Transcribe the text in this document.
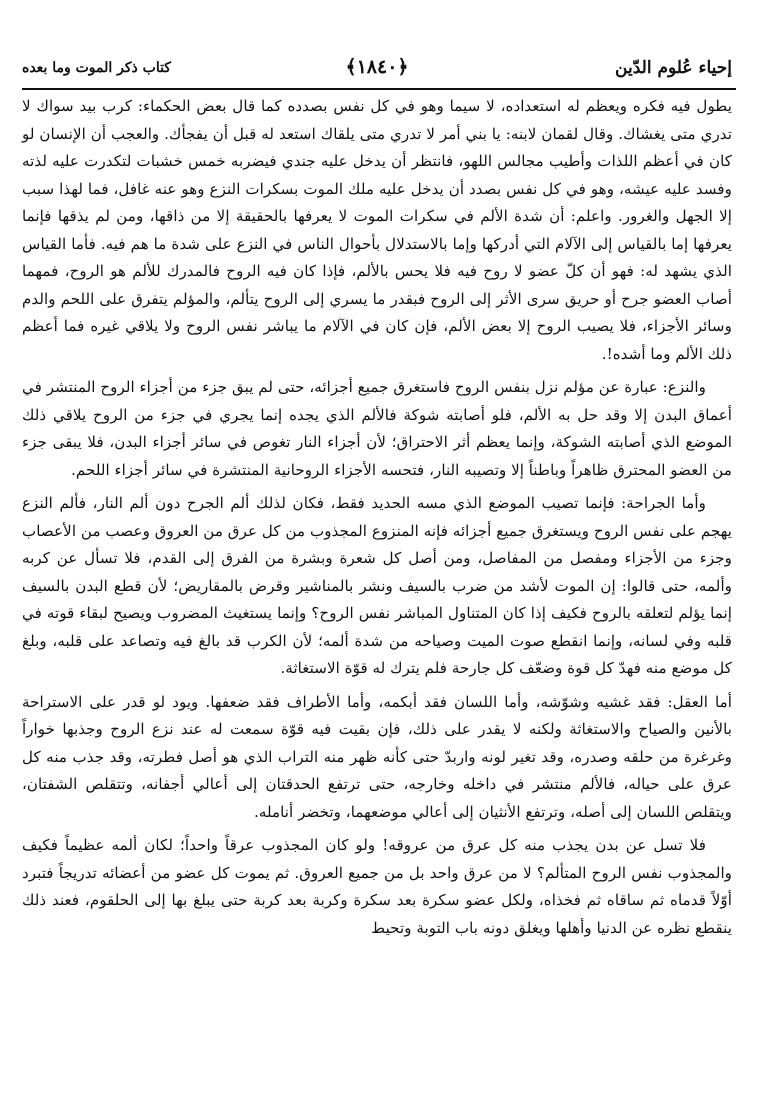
إحياء عُلوم الدّين
﴿١٨٤٠﴾
كتاب ذكر الموت وما بعده

يطول فيه فكره ويعظم له استعداده، لا سيما وهو في كل نفس بصدده كما قال بعض الحكماء: كرب بيد سواك لا تدري متى يغشاك. وقال لقمان لابنه: يا بني أمر لا تدري متى يلقاك استعد له قبل أن يفجأك. والعجب أن الإنسان لو كان في أعظم اللذات وأطيب مجالس اللهو، فانتظر أن يدخل عليه جندي فيضربه خمس خشبات لتكدرت عليه لذته وفسد عليه عيشه، وهو في كل نفس بصدد أن يدخل عليه ملك الموت بسكرات النزع وهو عنه غافل، فما لهذا سبب إلا الجهل والغرور. واعلم: أن شدة الألم في سكرات الموت لا يعرفها بالحقيقة إلا من ذاقها، ومن لم يذقها فإنما يعرفها إما بالقياس إلى الآلام التي أدركها وإما بالاستدلال بأحوال الناس في النزع على شدة ما هم فيه. فأما القياس الذي يشهد له: فهو أن كلّ عضو لا روح فيه فلا يحس بالألم، فإذا كان فيه الروح فالمدرك للألم هو الروح، فمهما أصاب العضو جرح أو حريق سرى الأثر إلى الروح فبقدر ما يسري إلى الروح يتألم، والمؤلم يتفرق على اللحم والدم وسائر الأجزاء، فلا يصيب الروح إلا بعض الألم، فإن كان في الآلام ما يباشر نفس الروح ولا يلاقي غيره فما أعظم ذلك الألم وما أشده!.

والنزع: عبارة عن مؤلم نزل بنفس الروح فاستغرق جميع أجزائه، حتى لم يبق جزء من أجزاء الروح المنتشر في أعماق البدن إلا وقد حل به الألم، فلو أصابته شوكة فالألم الذي يجده إنما يجري في جزء من الروح يلاقي ذلك الموضع الذي أصابته الشوكة، وإنما يعظم أثر الاحتراق؛ لأن أجزاء النار تغوص في سائر أجزاء البدن، فلا يبقى جزء من العضو المحترق ظاهراً وباطناً إلا وتصيبه النار، فتحسه الأجزاء الروحانية المنتشرة في سائر أجزاء اللحم.

وأما الجراحة: فإنما تصيب الموضع الذي مسه الحديد فقط، فكان لذلك ألم الجرح دون ألم النار، فألم النزع يهجم على نفس الروح ويستغرق جميع أجزائه فإنه المنزوع المجذوب من كل عرق من العروق وعصب من الأعصاب وجزء من الأجزاء ومفصل من المفاصل، ومن أصل كل شعرة وبشرة من الفرق إلى القدم، فلا تسأل عن كربه وألمه، حتى قالوا: إن الموت لأشد من ضرب بالسيف ونشر بالمناشير وقرض بالمقاريض؛ لأن قطع البدن بالسيف إنما يؤلم لتعلقه بالروح فكيف إذا كان المتناول المباشر نفس الروح؟ وإنما يستغيث المضروب ويصيح لبقاء قوته في قلبه وفي لسانه، وإنما انقطع صوت الميت وصياحه من شدة ألمه؛ لأن الكرب قد بالغ فيه وتصاعد على قلبه، وبلغ كل موضع منه فهدّ كل قوة وضعّف كل جارحة فلم يترك له قوّة الاستغاثة.

أما العقل: فقد غشيه وشوّشه، وأما اللسان فقد أبكمه، وأما الأطراف فقد ضعفها. ويود لو قدر على الاستراحة بالأنين والصياح والاستغاثة ولكنه لا يقدر على ذلك، فإن بقيت فيه قوّة سمعت له عند نزع الروح وجذبها خواراً وغرغرة من حلقه وصدره، وقد تغير لونه واربدّ حتى كأنه ظهر منه التراب الذي هو أصل فطرته، وقد جذب منه كل عرق على حياله، فالألم منتشر في داخله وخارجه، حتى ترتفع الحدقتان إلى أعالي أجفانه، وتتقلص الشفتان، ويتقلص اللسان إلى أصله، وترتفع الأنثيان إلى أعالي موضعهما، وتخضر أنامله.

فلا تسل عن بدن يجذب منه كل عرق من عروقه! ولو كان المجذوب عرقاً واحداً؛ لكان ألمه عظيماً فكيف والمجذوب نفس الروح المتألم؟ لا من عرق واحد بل من جميع العروق. ثم يموت كل عضو من أعضائه تدريجاً فتبرد أوّلاً قدماه ثم ساقاه ثم فخذاه، ولكل عضو سكرة بعد سكرة وكربة بعد كربة حتى يبلغ بها إلى الحلقوم، فعند ذلك ينقطع نظره عن الدنيا وأهلها ويغلق دونه باب التوبة وتحيط
